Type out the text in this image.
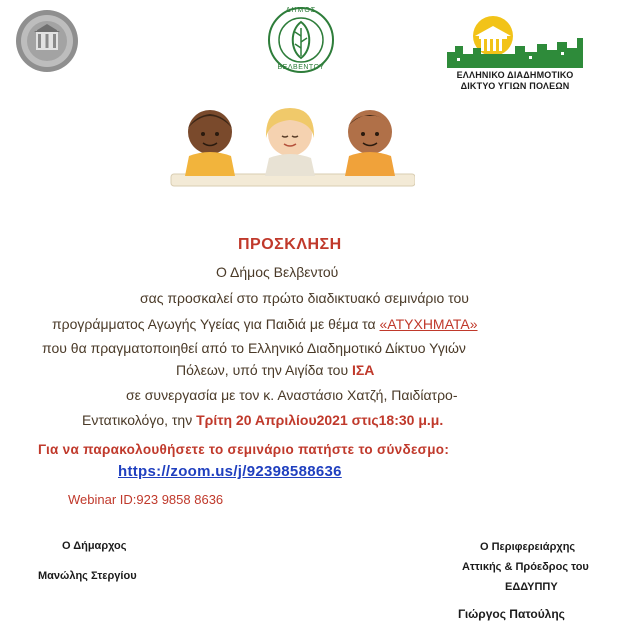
ΔΗΜΟΣ
ΒΕΛΒΕΝΤΟΥ
ΕΛΛΗΝΙΚΟ ΔΙΑΔΗΜΟΤΙΚΟ
ΔΙΚΤΥΟ ΥΓΙΩΝ ΠΟΛΕΩΝ
ΠΡΟΣΚΛΗΣΗ
Ο Δήμος Βελβεντού
σας προσκαλεί στο πρώτο διαδικτυακό σεμινάριο του
προγράμματος Αγωγής Υγείας για Παιδιά με θέμα τα «ΑΤΥΧΗΜΑΤΑ»
που θα πραγματοποιηθεί από το Ελληνικό Διαδημοτικό Δίκτυο Υγιών
Πόλεων, υπό την Αιγίδα του ΙΣΑ
σε συνεργασία με τον κ. Αναστάσιο Χατζή, Παιδίατρο-
Εντατικολόγο, την Τρίτη 20 Απριλίου2021 στις18:30 μ.μ.
Για να παρακολουθήσετε το σεμινάριο πατήστε το σύνδεσμο:
https://zoom.us/j/92398588636
Webinar ID:923 9858 8636
Ο Δήμαρχος
Μανώλης Στεργίου
Ο Περιφερειάρχης
Αττικής & Πρόεδρος του
ΕΔΔΥΠΠΥ
Γιώργος Πατούλης
